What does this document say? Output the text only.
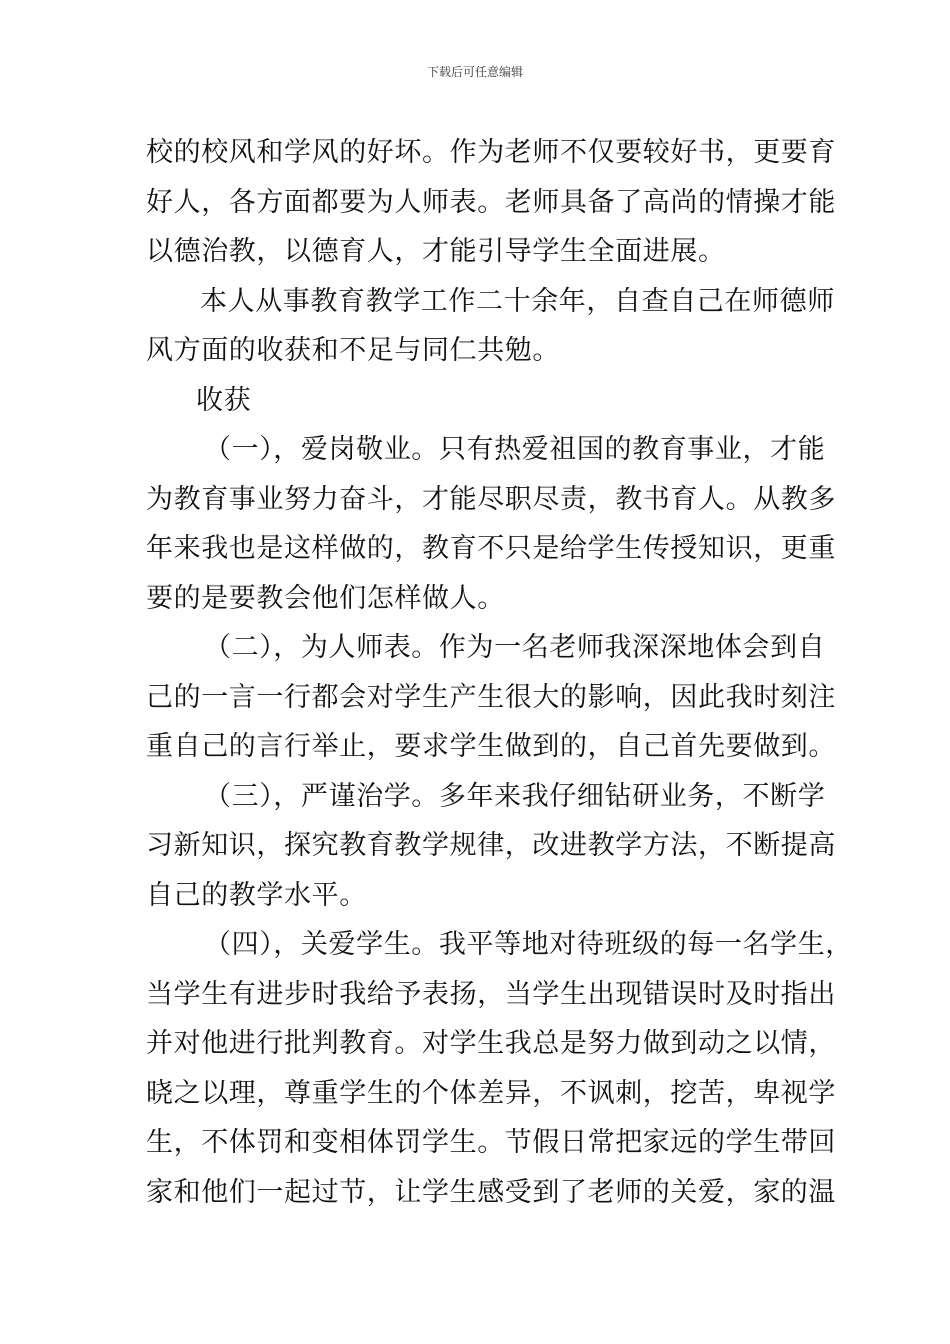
下载后可任意编辑
校的校风和学风的好坏。作为老师不仅要较好书，更要育
好人，各方面都要为人师表。老师具备了高尚的情操才能
以德治教，以德育人，才能引导学生全面进展。
本人从事教育教学工作二十余年，自查自己在师德师
风方面的收获和不足与同仁共勉。
收获
（一），爱岗敬业。只有热爱祖国的教育事业，才能
为教育事业努力奋斗，才能尽职尽责，教书育人。从教多
年来我也是这样做的，教育不只是给学生传授知识，更重
要的是要教会他们怎样做人。
（二），为人师表。作为一名老师我深深地体会到自
己的一言一行都会对学生产生很大的影响，因此我时刻注
重自己的言行举止，要求学生做到的，自己首先要做到。
（三），严谨治学。多年来我仔细钻研业务，不断学
习新知识，探究教育教学规律，改进教学方法，不断提高
自己的教学水平。
（四），关爱学生。我平等地对待班级的每一名学生，
当学生有进步时我给予表扬，当学生出现错误时及时指出
并对他进行批判教育。对学生我总是努力做到动之以情，
晓之以理，尊重学生的个体差异，不讽刺，挖苦，卑视学
生，不体罚和变相体罚学生。节假日常把家远的学生带回
家和他们一起过节，让学生感受到了老师的关爱，家的温
